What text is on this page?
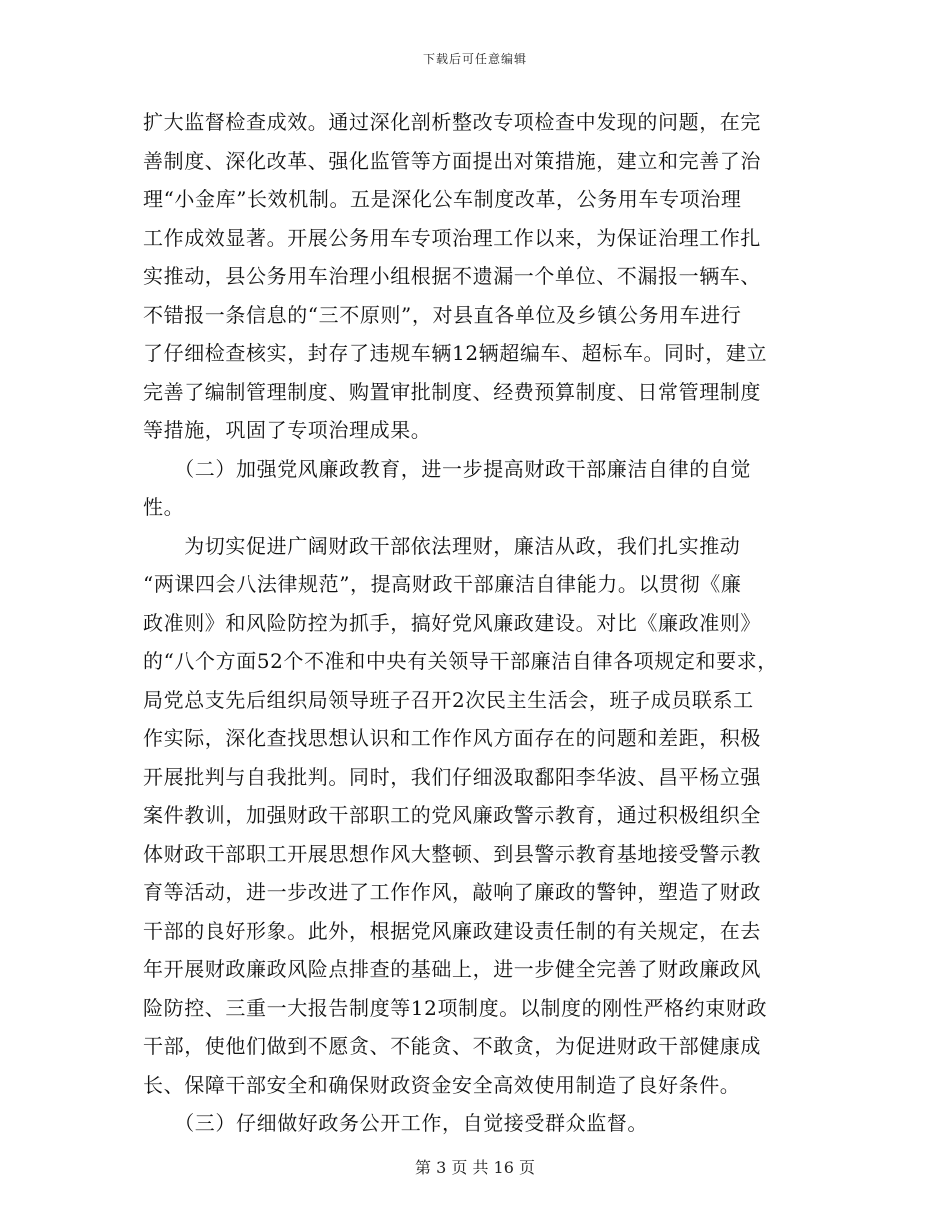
下载后可任意编辑
扩大监督检查成效。通过深化剖析整改专项检查中发现的问题，在完
善制度、深化改革、强化监管等方面提出对策措施，建立和完善了治
理“小金库”长效机制。五是深化公车制度改革，公务用车专项治理
工作成效显著。开展公务用车专项治理工作以来，为保证治理工作扎
实推动，县公务用车治理小组根据不遗漏一个单位、不漏报一辆车、
不错报一条信息的“三不原则”，对县直各单位及乡镇公务用车进行
了仔细检查核实，封存了违规车辆12辆超编车、超标车。同时，建立
完善了编制管理制度、购置审批制度、经费预算制度、日常管理制度
等措施，巩固了专项治理成果。
　　（二）加强党风廉政教育，进一步提高财政干部廉洁自律的自觉
性。
　　为切实促进广阔财政干部依法理财，廉洁从政，我们扎实推动
“两课四会八法律规范”，提高财政干部廉洁自律能力。以贯彻《廉
政准则》和风险防控为抓手，搞好党风廉政建设。对比《廉政准则》
的“八个方面52个不准和中央有关领导干部廉洁自律各项规定和要求，
局党总支先后组织局领导班子召开2次民主生活会，班子成员联系工
作实际，深化查找思想认识和工作作风方面存在的问题和差距，积极
开展批判与自我批判。同时，我们仔细汲取鄱阳李华波、昌平杨立强
案件教训，加强财政干部职工的党风廉政警示教育，通过积极组织全
体财政干部职工开展思想作风大整顿、到县警示教育基地接受警示教
育等活动，进一步改进了工作作风，敲响了廉政的警钟，塑造了财政
干部的良好形象。此外，根据党风廉政建设责任制的有关规定，在去
年开展财政廉政风险点排查的基础上，进一步健全完善了财政廉政风
险防控、三重一大报告制度等12项制度。以制度的刚性严格约束财政
干部，使他们做到不愿贪、不能贪、不敢贪，为促进财政干部健康成
长、保障干部安全和确保财政资金安全高效使用制造了良好条件。
　　（三）仔细做好政务公开工作，自觉接受群众监督。
第 3 页 共 16 页
